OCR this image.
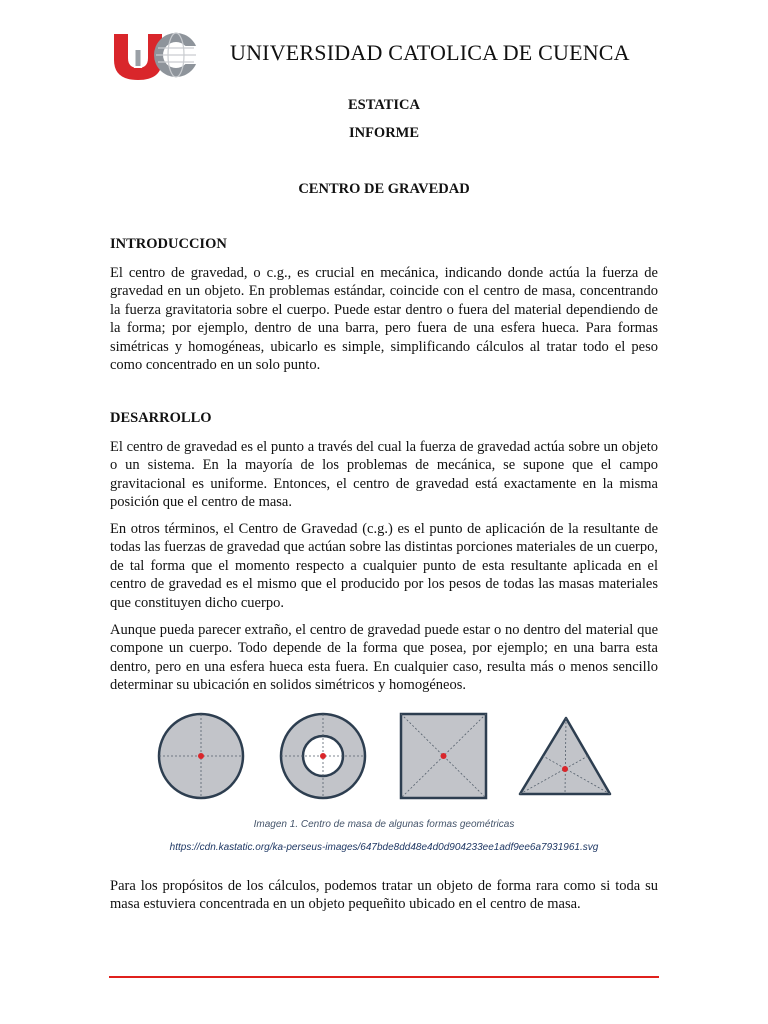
UNIVERSIDAD CATOLICA DE CUENCA
ESTATICA
INFORME
CENTRO DE GRAVEDAD
INTRODUCCION

El centro de gravedad, o c.g., es crucial en mecánica, indicando donde actúa la fuerza de gravedad en un objeto. En problemas estándar, coincide con el centro de masa, concentrando la fuerza gravitatoria sobre el cuerpo. Puede estar dentro o fuera del material dependiendo de la forma; por ejemplo, dentro de una barra, pero fuera de una esfera hueca. Para formas simétricas y homogéneas, ubicarlo es simple, simplificando cálculos al tratar todo el peso como concentrado en un solo punto.

DESARROLLO

El centro de gravedad es el punto a través del cual la fuerza de gravedad actúa sobre un objeto o un sistema. En la mayoría de los problemas de mecánica, se supone que el campo gravitacional es uniforme. Entonces, el centro de gravedad está exactamente en la misma posición que el centro de masa.

En otros términos, el Centro de Gravedad (c.g.) es el punto de aplicación de la resultante de todas las fuerzas de gravedad que actúan sobre las distintas porciones materiales de un cuerpo, de tal forma que el momento respecto a cualquier punto de esta resultante aplicada en el centro de gravedad es el mismo que el producido por los pesos de todas las masas materiales que constituyen dicho cuerpo.

Aunque pueda parecer extraño, el centro de gravedad puede estar o no dentro del material que compone un cuerpo. Todo depende de la forma que posea, por ejemplo; en una barra esta dentro, pero en una esfera hueca esta fuera. En cualquier caso, resulta más o menos sencillo determinar su ubicación en solidos simétricos y homogéneos.

Imagen 1. Centro de masa de algunas formas geométricas
https://cdn.kastatic.org/ka-perseus-images/647bde8dd48e4d0d904233ee1adf9ee6a7931961.svg

Para los propósitos de los cálculos, podemos tratar un objeto de forma rara como si toda su masa estuviera concentrada en un objeto pequeñito ubicado en el centro de masa.
